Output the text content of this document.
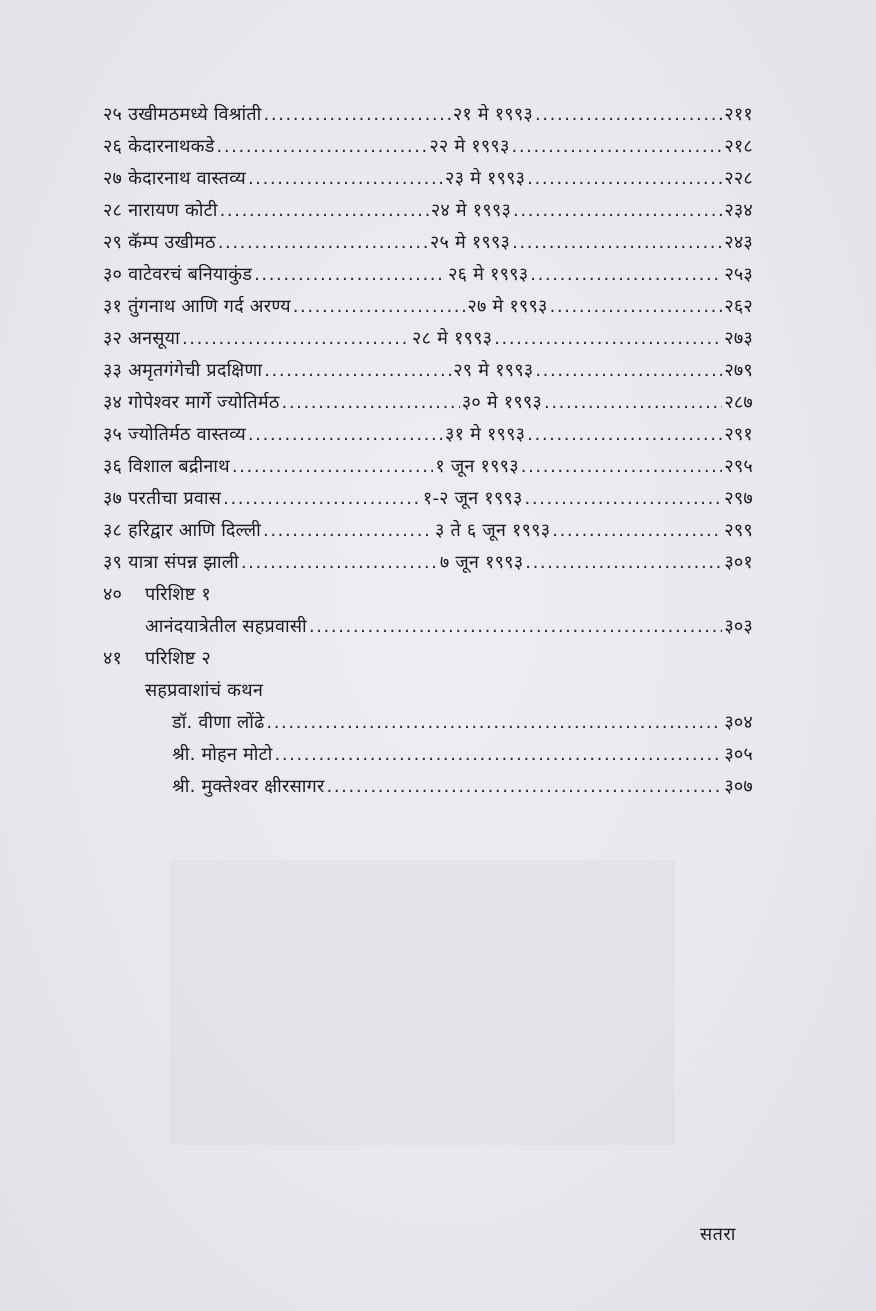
२५ उखीमठमध्ये विश्रांती .....	२१ मे १९९३ .....	२११
२६ केदारनाथकडे .....	२२ मे १९९३ .....	२१८
२७ केदारनाथ वास्तव्य .....	२३ मे १९९३ .....	२२८
२८ नारायण कोटी .....	२४ मे १९९३ .....	२३४
२९ कॅम्प उखीमठ .....	२५ मे १९९३ .....	२४३
३० वाटेवरचं बनियाकुंड .....	२६ मे १९९३ .....	२५३
३१ तुंगनाथ आणि गर्द अरण्य .....	२७ मे १९९३ .....	२६२
३२ अनसूया .....	२८ मे १९९३ .....	२७३
३३ अमृतगंगेची प्रदक्षिणा .....	२९ मे १९९३ .....	२७९
३४ गोपेश्वर मार्गे ज्योतिर्मठ .....	३० मे १९९३ .....	२८७
३५ ज्योतिर्मठ वास्तव्य .....	३१ मे १९९३ .....	२९१
३६ विशाल बद्रीनाथ .....	१ जून १९९३ .....	२९५
३७ परतीचा प्रवास .....	१-२ जून १९९३ .....	२९७
३८ हरिद्वार आणि दिल्ली .....	३ ते ६ जून १९९३ .....	२९९
३९ यात्रा संपन्न झाली .....	७ जून १९९३ .....	३०१
४०	परिशिष्ट १
आनंदयात्रेतील सहप्रवासी .....	३०३
४१	परिशिष्ट २
सहप्रवाशांचं कथन
डॉ. वीणा लोंढे .....	३०४
श्री. मोहन मोटो .....	३०५
श्री. मुक्तेश्वर क्षीरसागर .....	३०७
सतरा
